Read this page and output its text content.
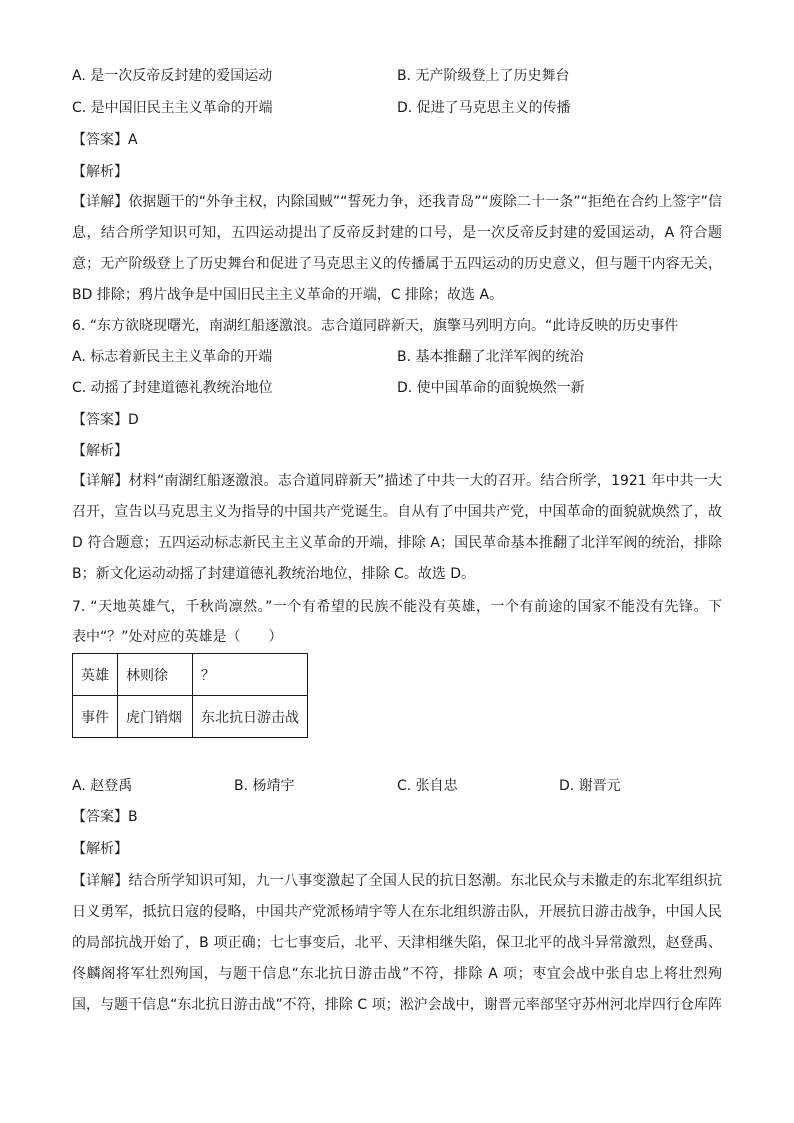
A. 是一次反帝反封建的爱国运动	B. 无产阶级登上了历史舞台
C. 是中国旧民主主义革命的开端	D. 促进了马克思主义的传播
【答案】A
【解析】
【详解】依据题干的“外争主权，内除国贼”“誓死力争，还我青岛”“废除二十一条”“拒绝在合约上签字”信
息，结合所学知识可知，五四运动提出了反帝反封建的口号，是一次反帝反封建的爱国运动，A 符合题
意；无产阶级登上了历史舞台和促进了马克思主义的传播属于五四运动的历史意义，但与题干内容无关，
BD 排除；鸦片战争是中国旧民主主义革命的开端，C 排除；故选 A。
6. “东方欲晓现曙光，南湖红船逐激浪。志合道同辟新天，旗擎马列明方向。“此诗反映的历史事件
A. 标志着新民主主义革命的开端	B. 基本推翻了北洋军阀的统治
C. 动摇了封建道德礼教统治地位	D. 使中国革命的面貌焕然一新
【答案】D
【解析】
【详解】材料“南湖红船逐激浪。志合道同辟新天”描述了中共一大的召开。结合所学，1921 年中共一大
召开，宣告以马克思主义为指导的中国共产党诞生。自从有了中国共产党，中国革命的面貌就焕然了，故
D 符合题意；五四运动标志新民主主义革命的开端，排除 A；国民革命基本推翻了北洋军阀的统治，排除
B；新文化运动动摇了封建道德礼教统治地位，排除 C。故选 D。
7. “天地英雄气，千秋尚凛然。”一个有希望的民族不能没有英雄，一个有前途的国家不能没有先锋。下
表中“？”处对应的英雄是（　　）
英雄	林则徐	？
事件	虎门销烟	东北抗日游击战
A. 赵登禹	B. 杨靖宇	C. 张自忠	D. 谢晋元
【答案】B
【解析】
【详解】结合所学知识可知，九一八事变激起了全国人民的抗日怒潮。东北民众与未撤走的东北军组织抗
日义勇军，抵抗日寇的侵略，中国共产党派杨靖宇等人在东北组织游击队，开展抗日游击战争，中国人民
的局部抗战开始了，B 项正确；七七事变后，北平、天津相继失陷，保卫北平的战斗异常激烈，赵登禹、
佟麟阁将军壮烈殉国，与题干信息“东北抗日游击战”不符，排除 A 项；枣宜会战中张自忠上将壮烈殉
国，与题干信息“东北抗日游击战”不符，排除 C 项；淞沪会战中，谢晋元率部坚守苏州河北岸四行仓库阵
